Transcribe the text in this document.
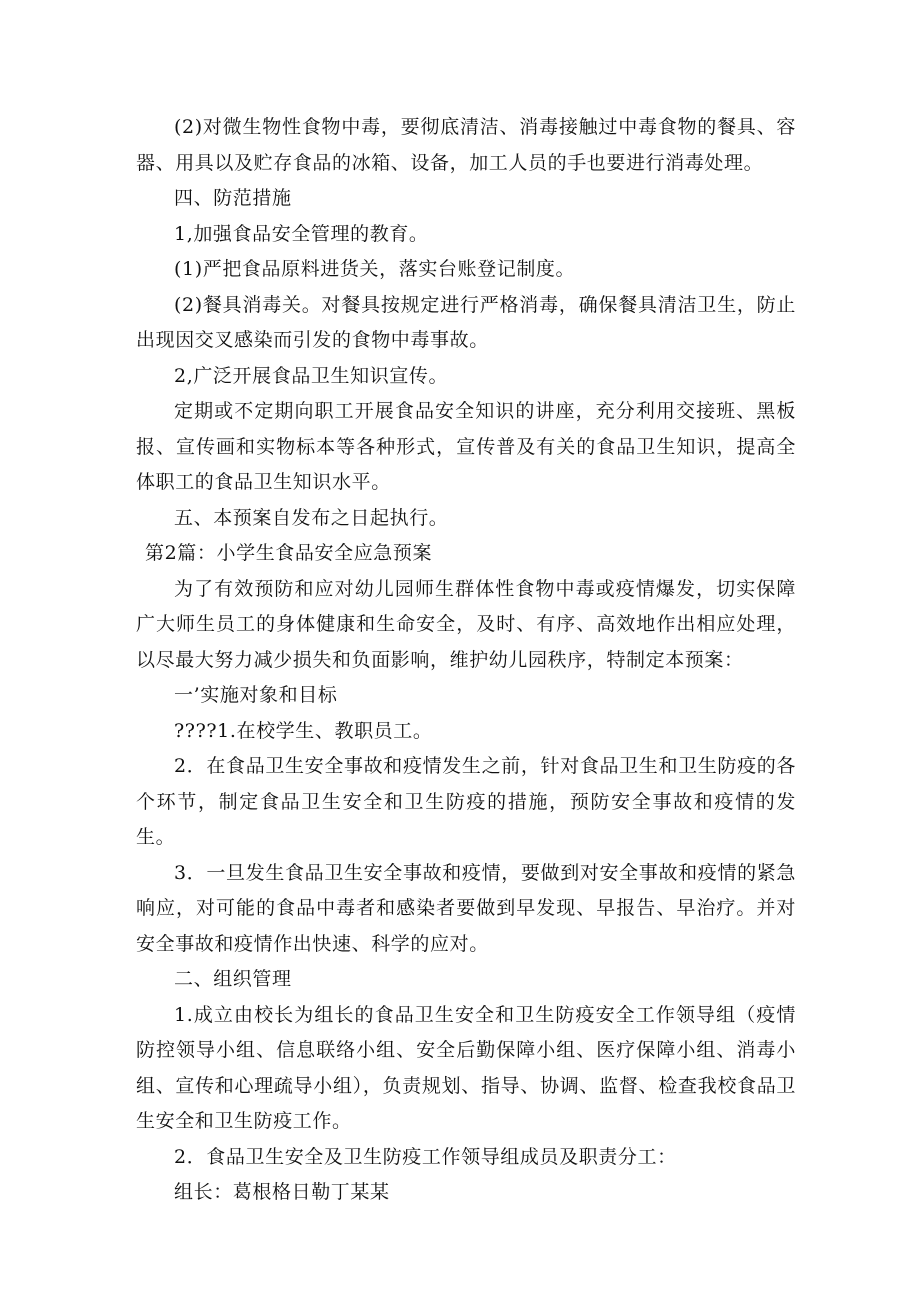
(2)对微生物性食物中毒，要彻底清洁、消毒接触过中毒食物的餐具、容器、用具以及贮存食品的冰箱、设备，加工人员的手也要进行消毒处理。

四、防范措施

1,加强食品安全管理的教育。

(1)严把食品原料进货关，落实台账登记制度。

(2)餐具消毒关。对餐具按规定进行严格消毒，确保餐具清洁卫生，防止出现因交叉感染而引发的食物中毒事故。

2,广泛开展食品卫生知识宣传。

定期或不定期向职工开展食品安全知识的讲座，充分利用交接班、黑板报、宣传画和实物标本等各种形式，宣传普及有关的食品卫生知识，提高全体职工的食品卫生知识水平。

五、本预案自发布之日起执行。

第2篇：小学生食品安全应急预案

为了有效预防和应对幼儿园师生群体性食物中毒或疫情爆发，切实保障广大师生员工的身体健康和生命安全，及时、有序、高效地作出相应处理，以尽最大努力减少损失和负面影响，维护幼儿园秩序，特制定本预案：

一’实施对象和目标

????1.在校学生、教职员工。

2．在食品卫生安全事故和疫情发生之前，针对食品卫生和卫生防疫的各个环节，制定食品卫生安全和卫生防疫的措施，预防安全事故和疫情的发生。

3．一旦发生食品卫生安全事故和疫情，要做到对安全事故和疫情的紧急响应，对可能的食品中毒者和感染者要做到早发现、早报告、早治疗。并对安全事故和疫情作出快速、科学的应对。

二、组织管理

1.成立由校长为组长的食品卫生安全和卫生防疫安全工作领导组（疫情防控领导小组、信息联络小组、安全后勤保障小组、医疗保障小组、消毒小组、宣传和心理疏导小组），负责规划、指导、协调、监督、检查我校食品卫生安全和卫生防疫工作。

2．食品卫生安全及卫生防疫工作领导组成员及职责分工：

组长：葛根格日勒丁某某
